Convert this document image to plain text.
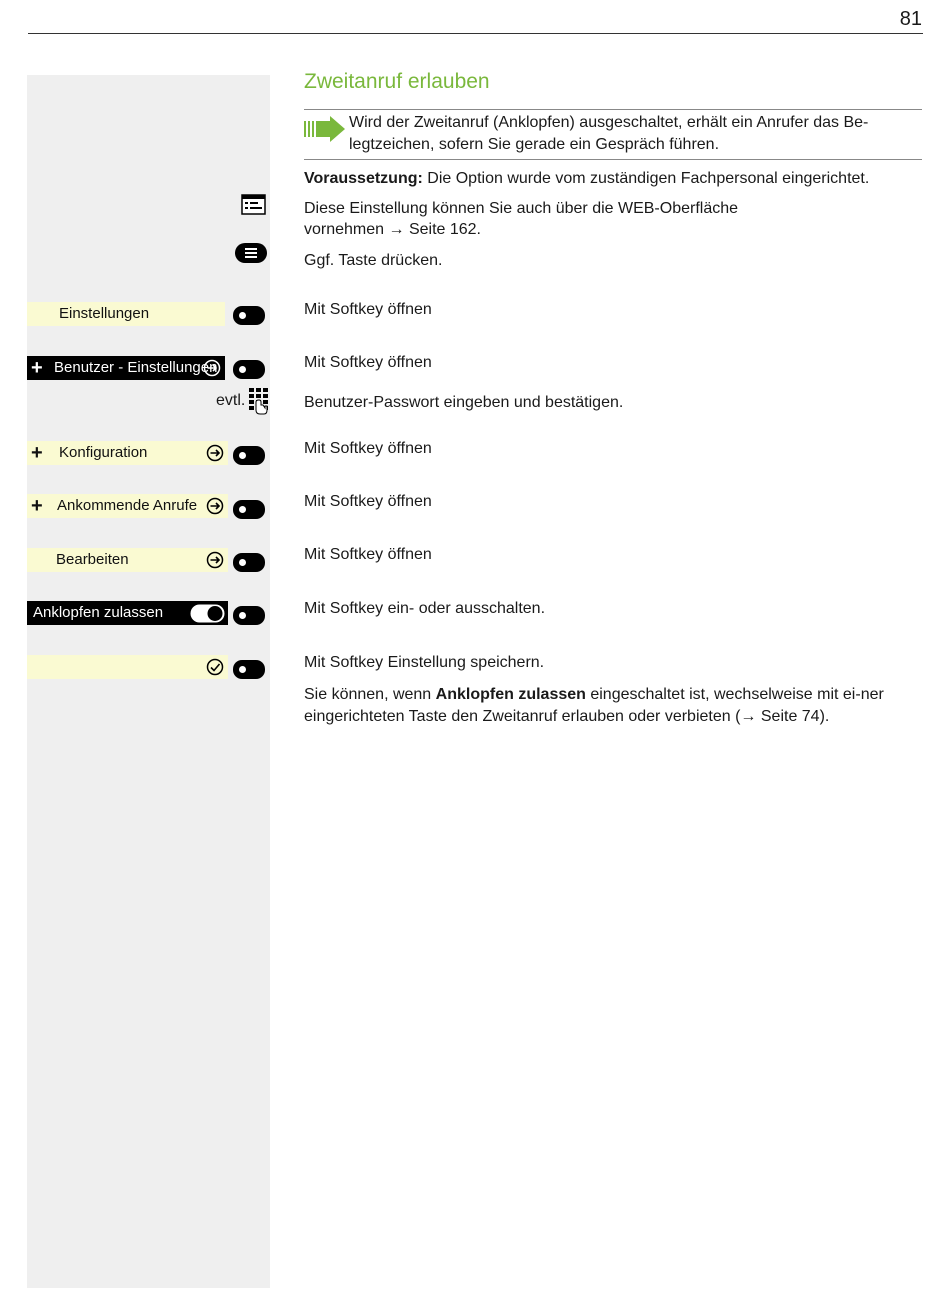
81
Zweitanruf erlauben
Wird der Zweitanruf (Anklopfen) ausgeschaltet, erhält ein Anrufer das Be-legtzeichen, sofern Sie gerade ein Gespräch führen.
Voraussetzung: Die Option wurde vom zuständigen Fachpersonal eingerichtet.
Diese Einstellung können Sie auch über die WEB-Oberfläche vornehmen → Seite 162.
Ggf. Taste drücken.
Einstellungen	Mit Softkey öffnen
+ Benutzer - Einstellungen	Mit Softkey öffnen
evtl.	Benutzer-Passwort eingeben und bestätigen.
+ Konfiguration	Mit Softkey öffnen
+ Ankommende Anrufe	Mit Softkey öffnen
Bearbeiten	Mit Softkey öffnen
Anklopfen zulassen	Mit Softkey ein- oder ausschalten.
Mit Softkey Einstellung speichern.
Sie können, wenn Anklopfen zulassen eingeschaltet ist, wechselweise mit ei-ner eingerichteten Taste den Zweitanruf erlauben oder verbieten (→ Seite 74).
